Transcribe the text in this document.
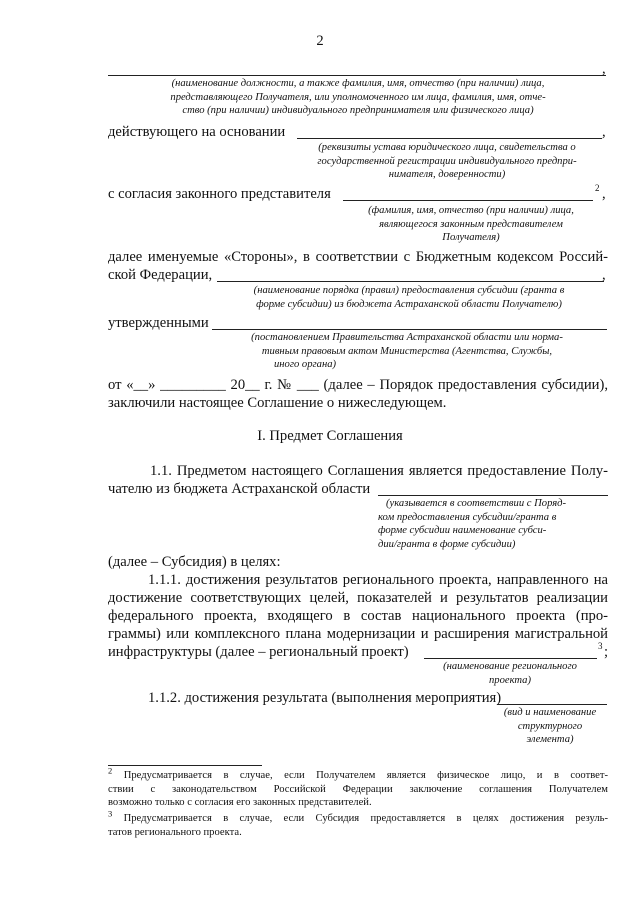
2
,
(наименование должности, а также фамилия, имя, отчество (при наличии) лица,
представляющего Получателя, или уполномоченного им лица, фамилия, имя, отче-
ство (при наличии) индивидуального предпринимателя или физического лица)
действующего на основании	,
(реквизиты устава юридического лица, свидетельства о
государственной регистрации индивидуального предпри-
нимателя, доверенности)
с согласия законного представителя	2 ,
(фамилия, имя, отчество (при наличии) лица,
являющегося законным представителем
Получателя)
далее именуемые «Стороны», в соответствии с Бюджетным кодексом Россий-
ской Федерации,	,
(наименование порядка (правил) предоставления субсидии (гранта в
форме субсидии) из бюджета Астраханской области Получателю)
утвержденными
(постановлением Правительства Астраханской области или норма-
тивным правовым актом Министерства (Агентства, Службы,
иного органа)
от «__» _________ 20__ г. № ___ (далее – Порядок предоставления субсидии),
заключили настоящее Соглашение о нижеследующем.
I. Предмет Соглашения
1.1. Предметом настоящего Соглашения является предоставление Полу-
чателю из бюджета Астраханской области
(указывается в соответствии с Поряд-
ком предоставления субсидии/гранта в
форме субсидии наименование субси-
дии/гранта в форме субсидии)
(далее – Субсидия) в целях:
1.1.1. достижения результатов регионального проекта, направленного на
достижение соответствующих целей, показателей и результатов реализации
федерального проекта, входящего в состав национального проекта (про-
граммы) или комплексного плана модернизации и расширения магистральной
инфраструктуры (далее – региональный проект)	3 ;
(наименование регионального
проекта)
1.1.2. достижения результата (выполнения мероприятия)
(вид и наименование
структурного
элемента)
$^2$ Предусматривается в случае, если Получателем является физическое лицо, и в соответ-
ствии с законодательством Российской Федерации заключение соглашения Получателем
возможно только с согласия его законных представителей.
$^3$ Предусматривается в случае, если Субсидия предоставляется в целях достижения резуль-
татов регионального проекта.
